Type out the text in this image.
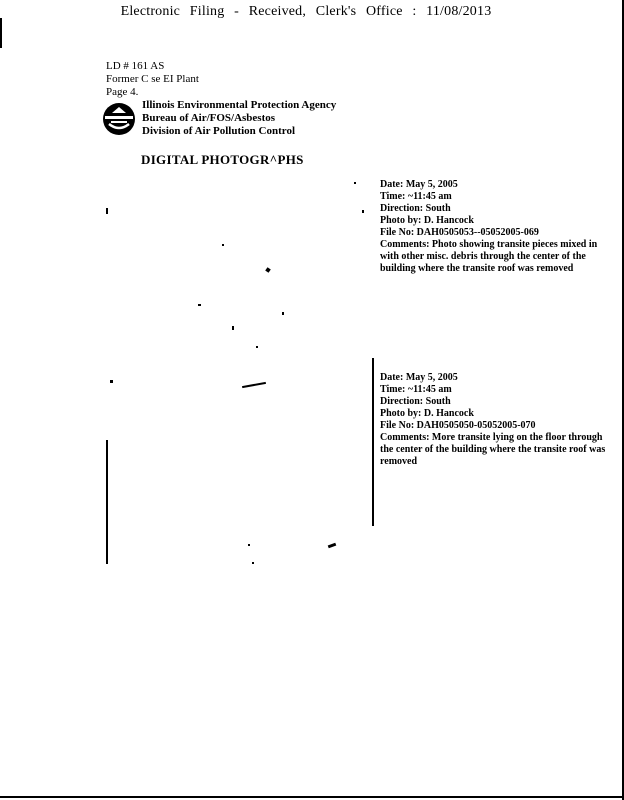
Electronic Filing - Received, Clerk's Office : 11/08/2013
LD # 161 AS
Former C se EI Plant
Page 4.
Illinois Environmental Protection Agency
Bureau of Air/FOS/Asbestos
Division of Air Pollution Control
DIGITAL PHOTOGR^PHS
Date: May 5, 2005
Time: ~11:45 am
Direction: South
Photo by: D. Hancock
File No: DAH0505053--05052005-069
Comments: Photo showing transite pieces mixed in with other misc. debris through the center of the building where the transite roof was removed
Date: May 5, 2005
Time: ~11:45 am
Direction: South
Photo by: D. Hancock
File No: DAH0505050-05052005-070
Comments: More transite lying on the floor through the center of the building where the transite roof was removed
